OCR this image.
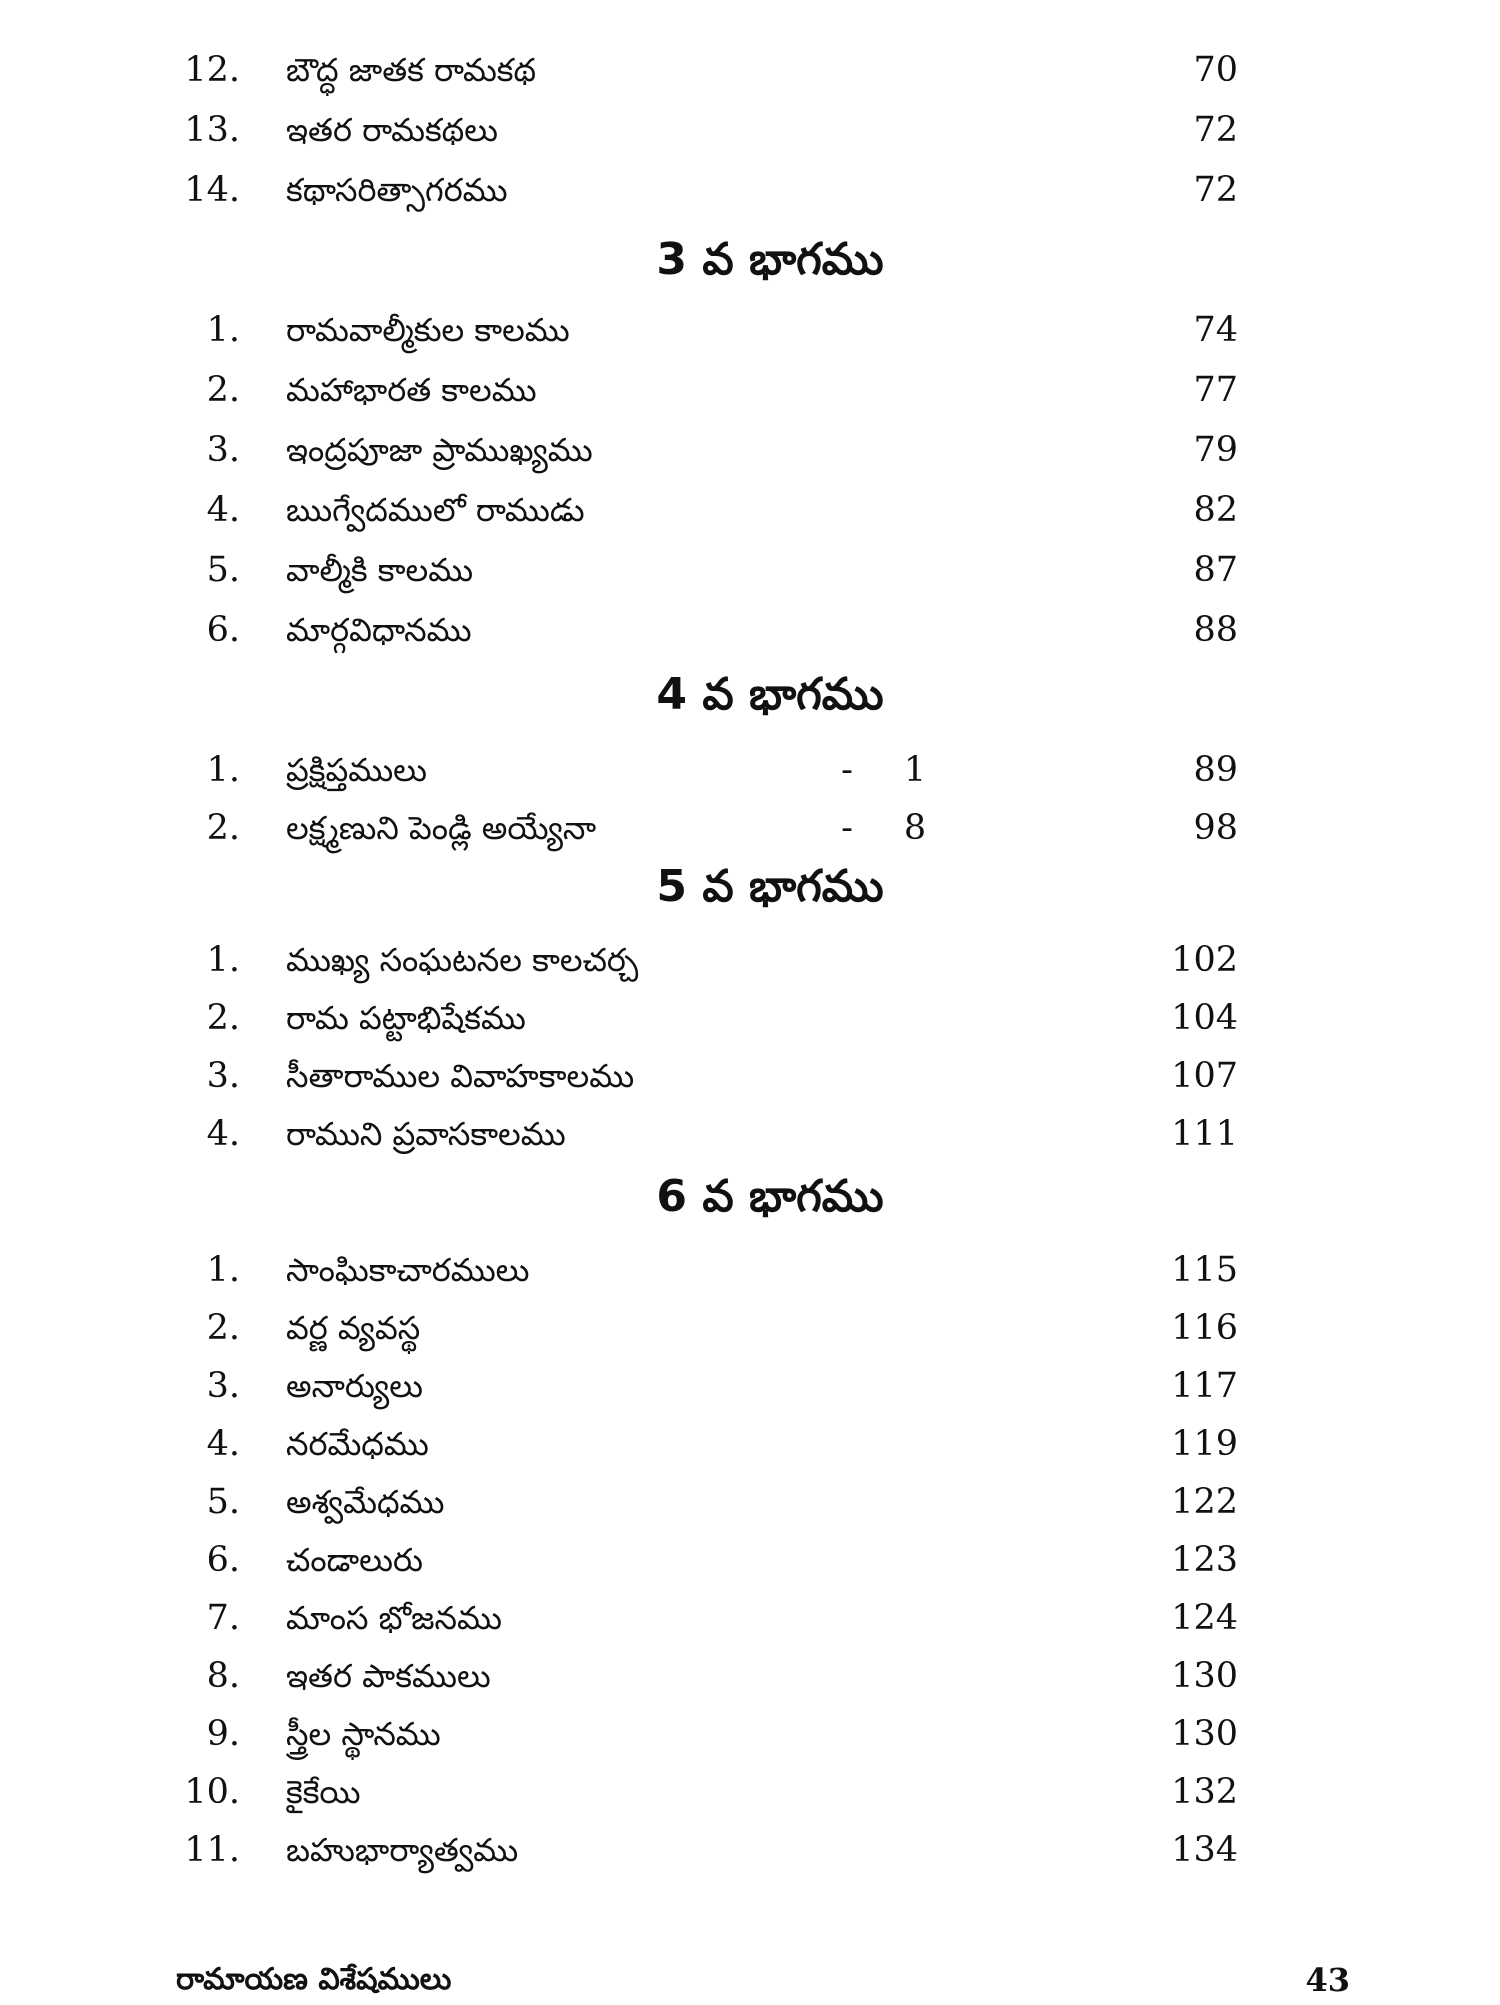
12. బౌద్ధ జాతక రామకథ	70
13. ఇతర రామకథలు	72
14. కథాసరిత్సాగరము	72
3 వ భాగము
1. రామవాల్మీకుల కాలము	74
2. మహాభారత కాలము	77
3. ఇంద్రపూజా ప్రాముఖ్యము	79
4. ఋగ్వేదములో రాముడు	82
5. వాల్మీకి కాలము	87
6. మార్గవిధానము	88
4 వ భాగము
1. ప్రక్షిప్తములు	-	1	89
2. లక్ష్మణుని పెండ్లి అయ్యేనా	-	8	98
5 వ భాగము
1. ముఖ్య సంఘటనల కాలచర్చ	102
2. రామ పట్టాభిషేకము	104
3. సీతారాముల వివాహకాలము	107
4. రాముని ప్రవాసకాలము	111
6 వ భాగము
1. సాంఘికాచారములు	115
2. వర్ణ వ్యవస్థ	116
3. అనార్యులు	117
4. నరమేధము	119
5. అశ్వమేధము	122
6. చండాలురు	123
7. మాంస భోజనము	124
8. ఇతర పాకములు	130
9. స్త్రీల స్థానము	130
10. కైకేయి	132
11. బహుభార్యాత్వము	134
రామాయణ విశేషములు	43
